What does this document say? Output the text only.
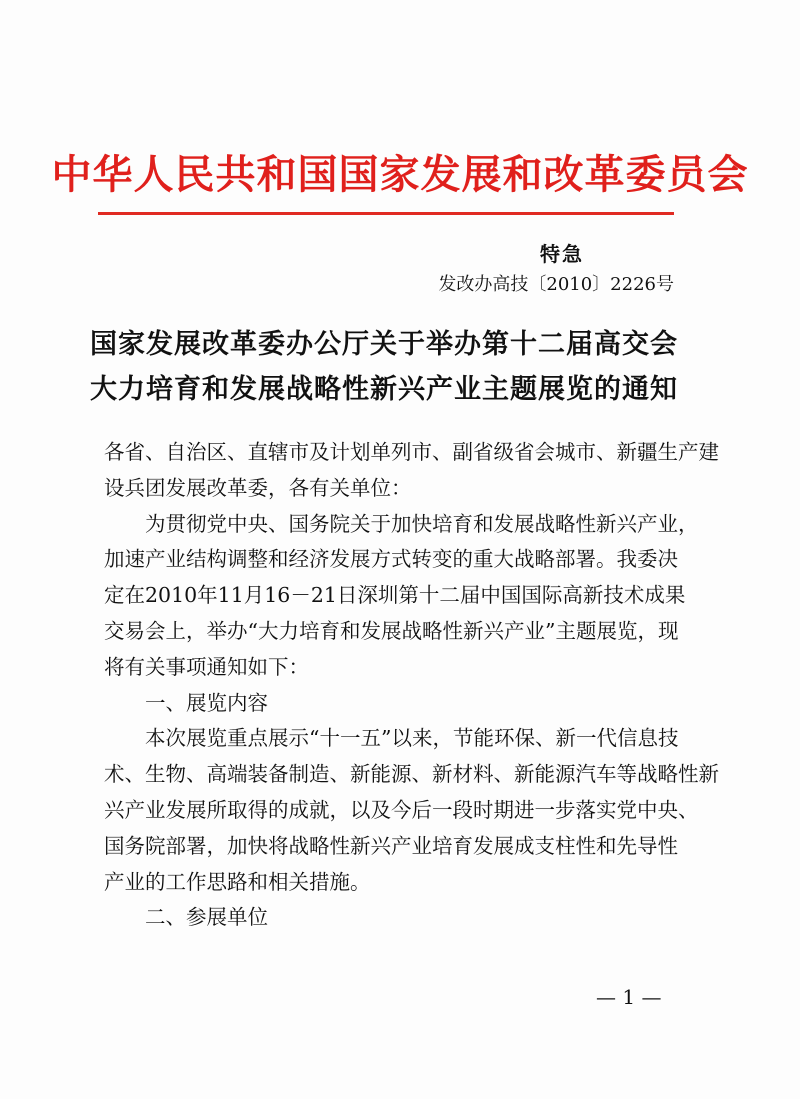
中华人民共和国国家发展和改革委员会
特急
发改办高技〔2010〕2226号
国家发展改革委办公厅关于举办第十二届高交会
大力培育和发展战略性新兴产业主题展览的通知

各省、自治区、直辖市及计划单列市、副省级省会城市、新疆生产建
设兵团发展改革委，各有关单位：

为贯彻党中央、国务院关于加快培育和发展战略性新兴产业，
加速产业结构调整和经济发展方式转变的重大战略部署。我委决
定在2010年11月16－21日深圳第十二届中国国际高新技术成果
交易会上，举办“大力培育和发展战略性新兴产业”主题展览，现
将有关事项通知如下：

一、展览内容

本次展览重点展示“十一五”以来，节能环保、新一代信息技
术、生物、高端装备制造、新能源、新材料、新能源汽车等战略性新
兴产业发展所取得的成就，以及今后一段时期进一步落实党中央、
国务院部署，加快将战略性新兴产业培育发展成支柱性和先导性
产业的工作思路和相关措施。

二、参展单位

— 1 —
